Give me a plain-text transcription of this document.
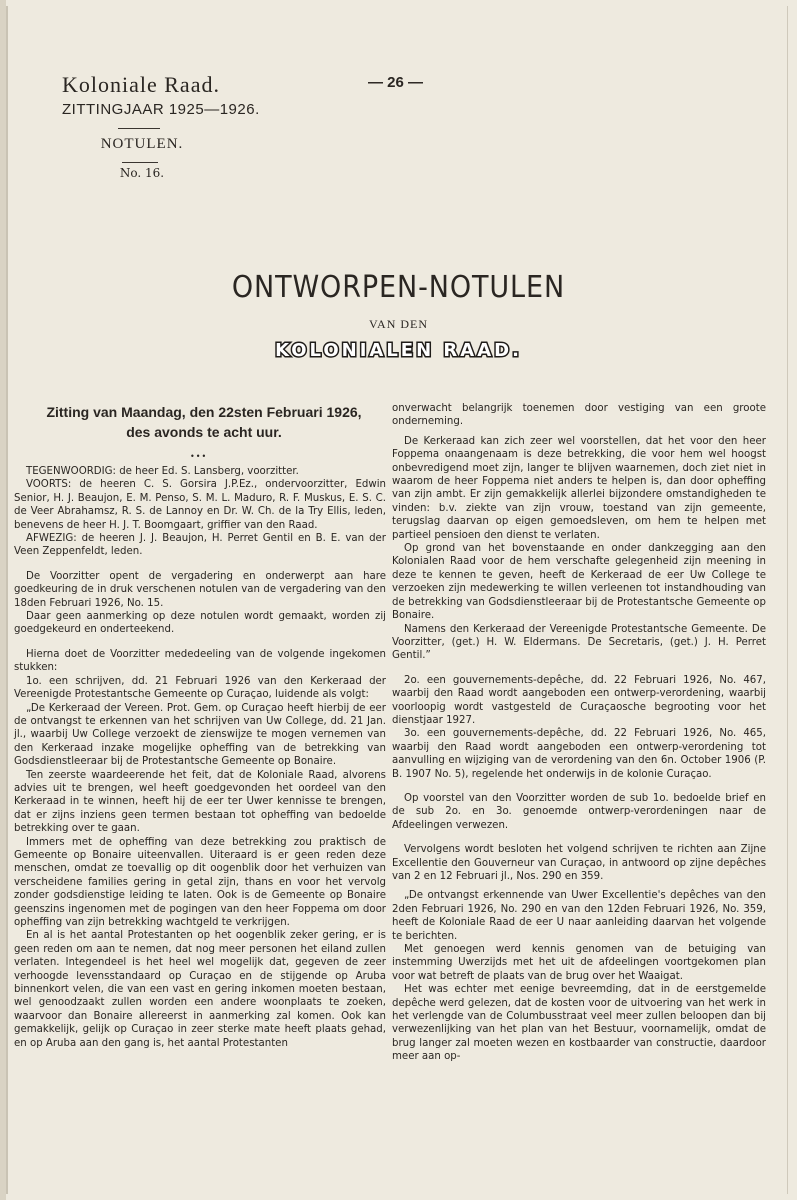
Koloniale Raad.
ZITTINGJAAR 1925—1926.
NOTULEN.
No. 16.
— 26 —
ONTWORPEN-NOTULEN
VAN DEN
KOLONIALEN RAAD.
Zitting van Maandag, den 22sten Februari 1926,
des avonds te acht uur.
•••

TEGENWOORDIG: de heer Ed. S. Lansberg, voorzitter.

VOORTS: de heeren C. S. Gorsira J.P.Ez., ondervoorzitter, Edwin Senior, H. J. Beaujon, E. M. Penso, S. M. L. Maduro, R. F. Muskus, E. S. C. de Veer Abrahamsz, R. S. de Lannoy en Dr. W. Ch. de la Try Ellis, leden, benevens de heer H. J. T. Boomgaart, griffier van den Raad.

AFWEZIG: de heeren J. J. Beaujon, H. Perret Gentil en B. E. van der Veen Zeppenfeldt, leden.

De Voorzitter opent de vergadering en onderwerpt aan hare goedkeuring de in druk verschenen notulen van de vergadering van den 18den Februari 1926, No. 15.

Daar geen aanmerking op deze notulen wordt gemaakt, worden zij goedgekeurd en onderteekend.

Hierna doet de Voorzitter mededeeling van de volgende ingekomen stukken:

1o. een schrijven, dd. 21 Februari 1926 van den Kerkeraad der Vereenigde Protestantsche Gemeente op Curaçao, luidende als volgt:

„De Kerkeraad der Vereen. Prot. Gem. op Curaçao heeft hierbij de eer de ontvangst te erkennen van het schrijven van Uw College, dd. 21 Jan. jl., waarbij Uw College verzoekt de zienswijze te mogen vernemen van den Kerkeraad inzake mogelijke opheffing van de betrekking van Godsdienstleeraar bij de Protestantsche Gemeente op Bonaire.

Ten zeerste waardeerende het feit, dat de Koloniale Raad, alvorens advies uit te brengen, wel heeft goedgevonden het oordeel van den Kerkeraad in te winnen, heeft hij de eer ter Uwer kennisse te brengen, dat er zijns inziens geen termen bestaan tot opheffing van bedoelde betrekking over te gaan.

Immers met de opheffing van deze betrekking zou praktisch de Gemeente op Bonaire uiteenvallen. Uiteraard is er geen reden deze menschen, omdat ze toevallig op dit oogenblik door het verhuizen van verscheidene families gering in getal zijn, thans en voor het vervolg zonder godsdienstige leiding te laten. Ook is de Gemeente op Bonaire geenszins ingenomen met de pogingen van den heer Foppema om door opheffing van zijn betrekking wachtgeld te verkrijgen.

En al is het aantal Protestanten op het oogenblik zeker gering, er is geen reden om aan te nemen, dat nog meer personen het eiland zullen verlaten. Integendeel is het heel wel mogelijk dat, gegeven de zeer verhoogde levensstandaard op Curaçao en de stijgende op Aruba binnenkort velen, die van een vast en gering inkomen moeten bestaan, wel genoodzaakt zullen worden een andere woonplaats te zoeken, waarvoor dan Bonaire allereerst in aanmerking zal komen. Ook kan gemakkelijk, gelijk op Curaçao in zeer sterke mate heeft plaats gehad, en op Aruba aan den gang is, het aantal Protestanten

onverwacht belangrijk toenemen door vestiging van een groote onderneming.

De Kerkeraad kan zich zeer wel voorstellen, dat het voor den heer Foppema onaangenaam is deze betrekking, die voor hem wel hoogst onbevredigend moet zijn, langer te blijven waarnemen, doch ziet niet in waarom de heer Foppema niet anders te helpen is, dan door opheffing van zijn ambt. Er zijn gemakkelijk allerlei bijzondere omstandigheden te vinden: b.v. ziekte van zijn vrouw, toestand van zijn gemeente, terugslag daarvan op eigen gemoedsleven, om hem te helpen met partieel pensioen den dienst te verlaten.

Op grond van het bovenstaande en onder dankzegging aan den Kolonialen Raad voor de hem verschafte gelegenheid zijn meening in deze te kennen te geven, heeft de Kerkeraad de eer Uw College te verzoeken zijn medewerking te willen verleenen tot instandhouding van de betrekking van Godsdienstleeraar bij de Protestantsche Gemeente op Bonaire.

Namens den Kerkeraad der Vereenigde Protestantsche Gemeente. De Voorzitter, (get.) H. W. Eldermans. De Secretaris, (get.) J. H. Perret Gentil.”

2o. een gouvernements-depêche, dd. 22 Februari 1926, No. 467, waarbij den Raad wordt aangeboden een ontwerp-verordening, waarbij voorloopig wordt vastgesteld de Curaçaosche begrooting voor het dienstjaar 1927.

3o. een gouvernements-depêche, dd. 22 Februari 1926, No. 465, waarbij den Raad wordt aangeboden een ontwerp-verordening tot aanvulling en wijziging van de verordening van den 6n. October 1906 (P. B. 1907 No. 5), regelende het onderwijs in de kolonie Curaçao.

Op voorstel van den Voorzitter worden de sub 1o. bedoelde brief en de sub 2o. en 3o. genoemde ontwerp-verordeningen naar de Afdeelingen verwezen.

Vervolgens wordt besloten het volgend schrijven te richten aan Zijne Excellentie den Gouverneur van Curaçao, in antwoord op zijne depêches van 2 en 12 Februari jl., Nos. 290 en 359.

„De ontvangst erkennende van Uwer Excellentie's depêches van den 2den Februari 1926, No. 290 en van den 12den Februari 1926, No. 359, heeft de Koloniale Raad de eer U naar aanleiding daarvan het volgende te berichten.

Met genoegen werd kennis genomen van de betuiging van instemming Uwerzijds met het uit de afdeelingen voortgekomen plan voor wat betreft de plaats van de brug over het Waaigat.

Het was echter met eenige bevreemding, dat in de eerstgemelde depêche werd gelezen, dat de kosten voor de uitvoering van het werk in het verlengde van de Columbusstraat veel meer zullen beloopen dan bij verwezenlijking van het plan van het Bestuur, voornamelijk, omdat de brug langer zal moeten wezen en kostbaarder van constructie, daardoor meer aan op-
